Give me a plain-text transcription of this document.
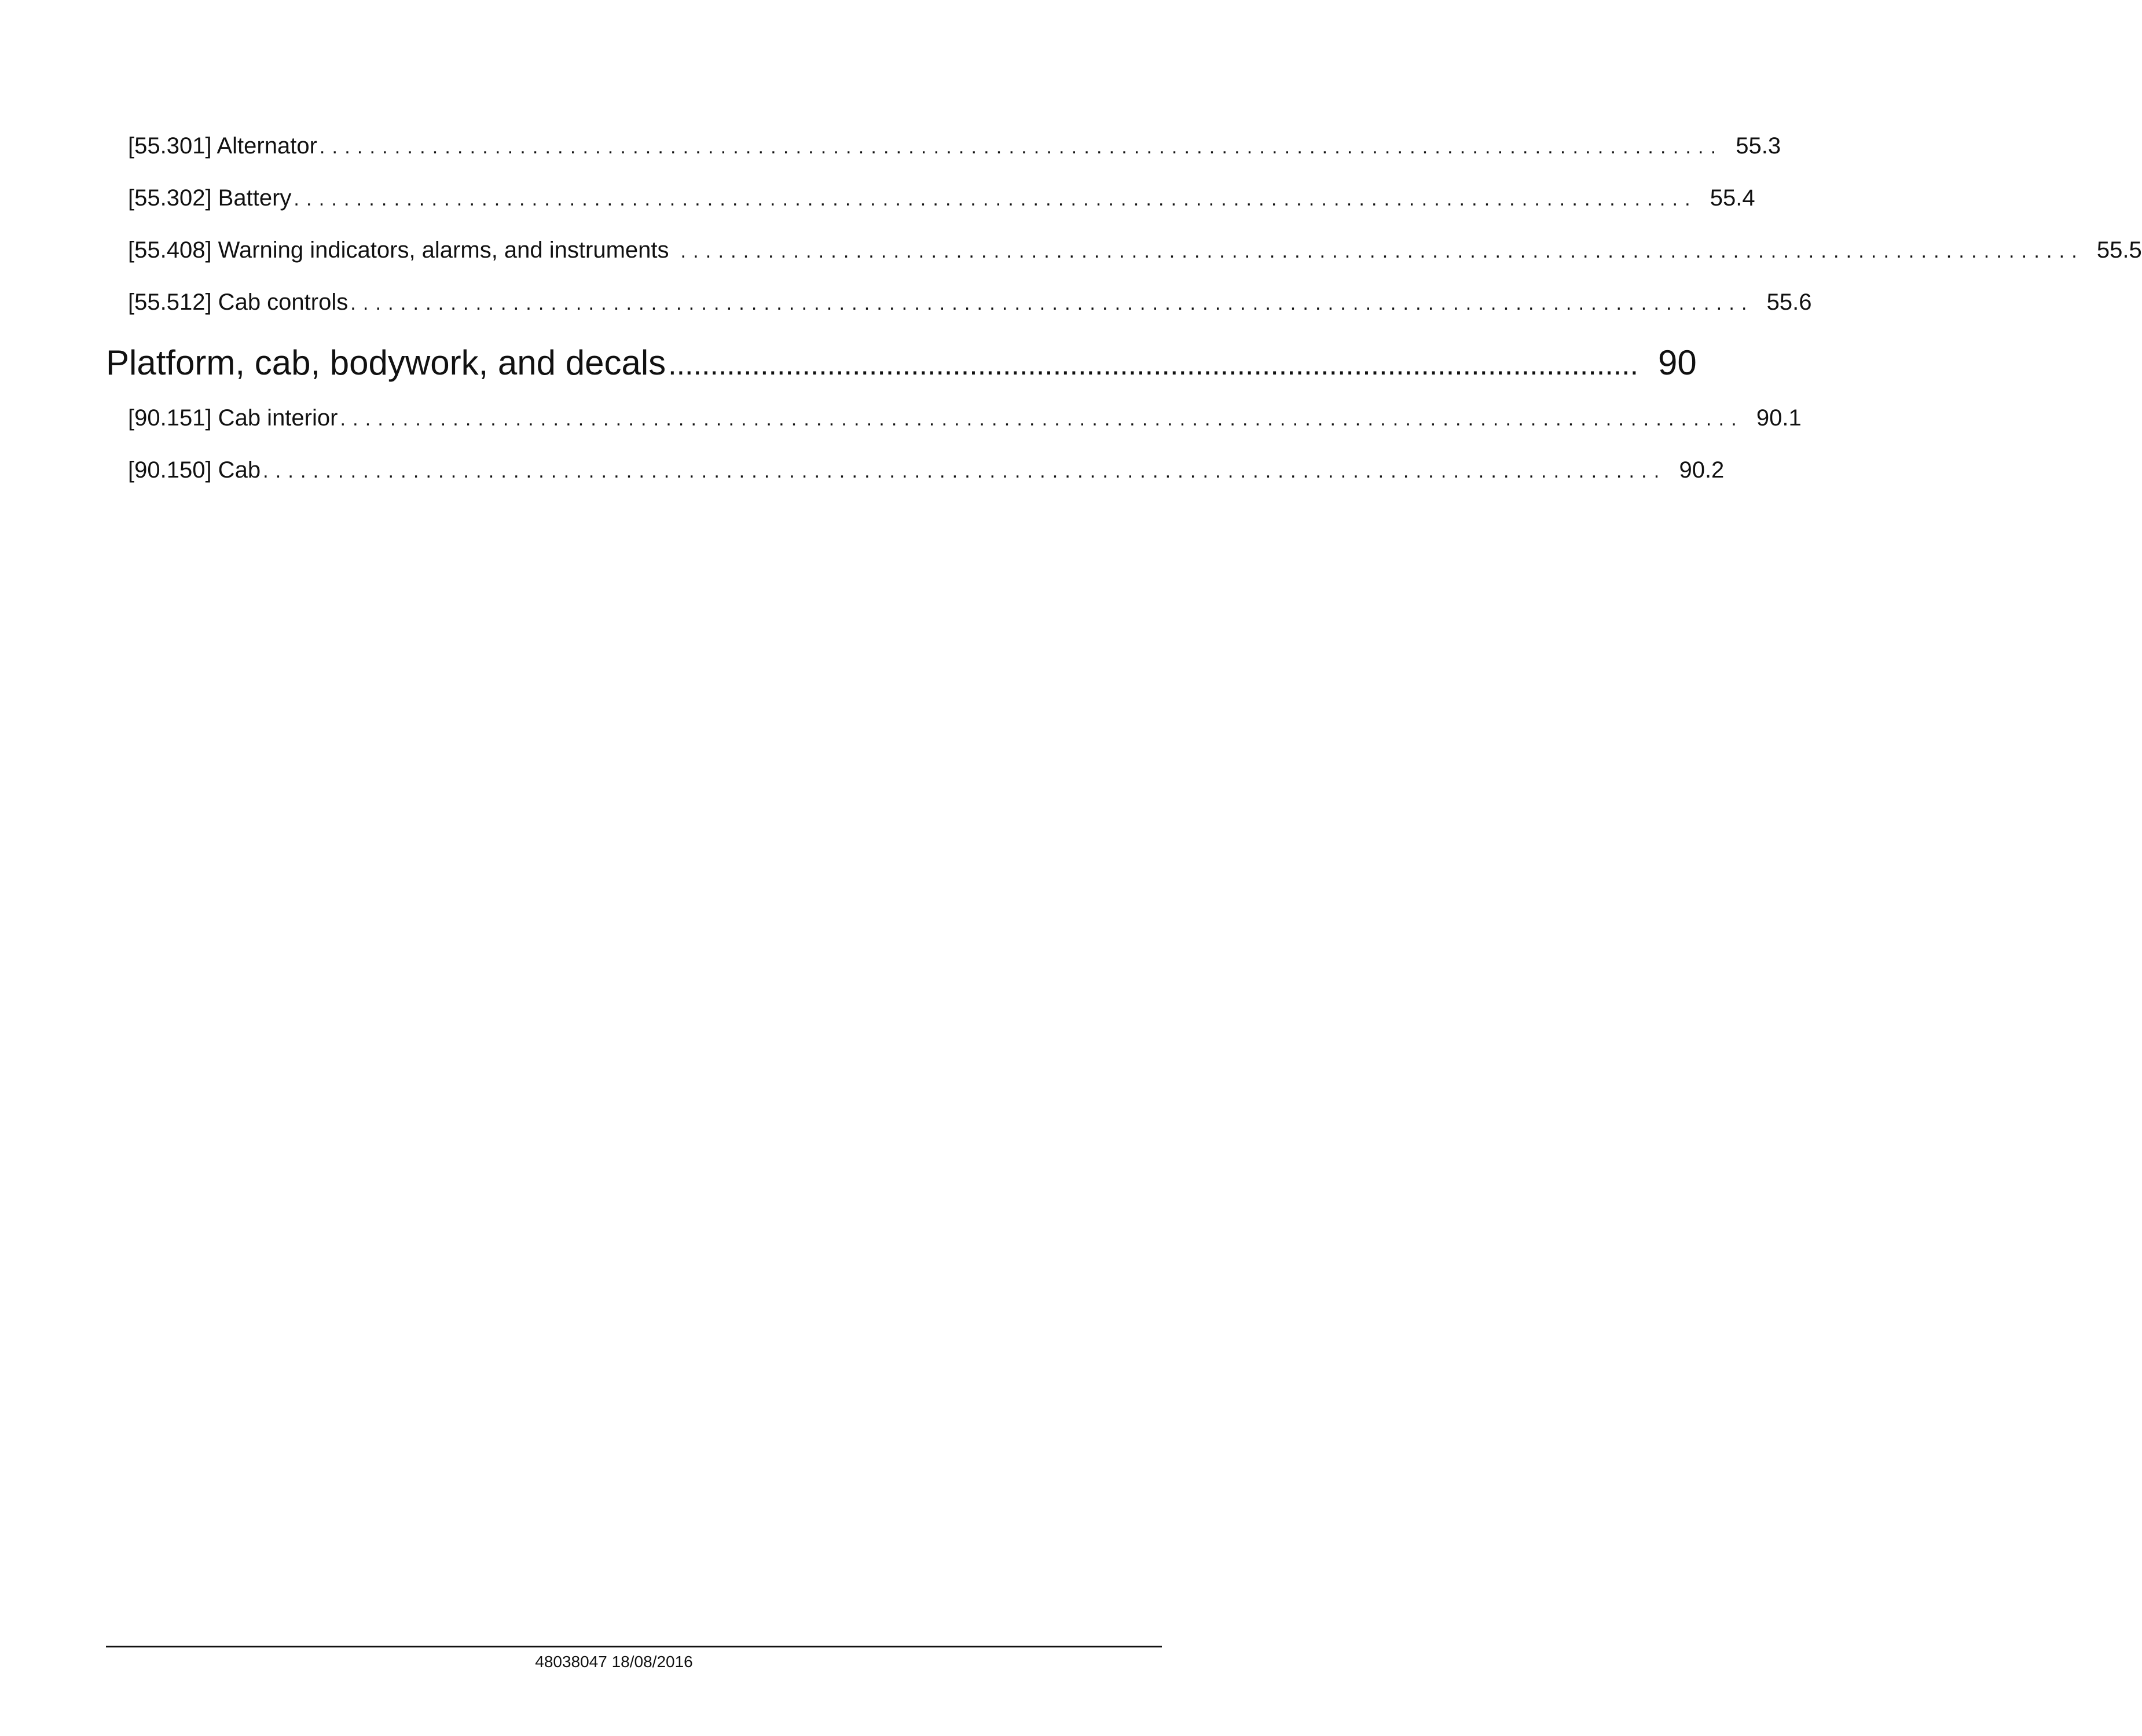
[55.301] Alternator ................................................................................................................ 55.3
[55.302] Battery ................................................................................................................ 55.4
[55.408] Warning indicators, alarms, and instruments ................................................................................................................ 55.5
[55.512] Cab controls ................................................................................................................ 55.6
Platform, cab, bodywork, and decals .................................................................................................................... 90
[90.151] Cab interior ................................................................................................................ 90.1
[90.150] Cab ................................................................................................................ 90.2
48038047 18/08/2016
